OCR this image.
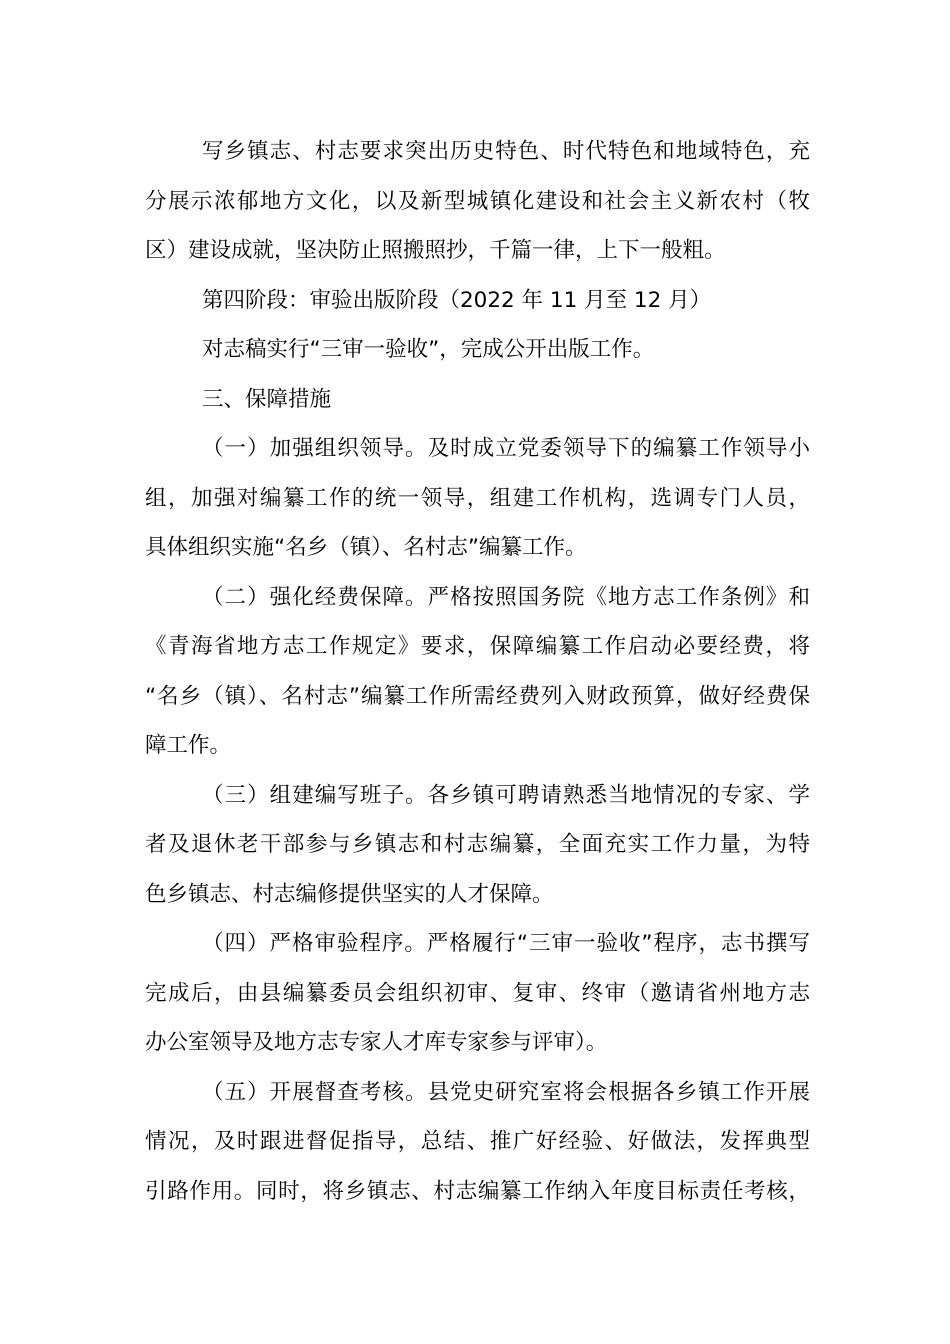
写乡镇志、村志要求突出历史特色、时代特色和地域特色，充
分展示浓郁地方文化，以及新型城镇化建设和社会主义新农村（牧
区）建设成就，坚决防止照搬照抄，千篇一律，上下一般粗。
第四阶段：审验出版阶段（2022 年 11 月至 12 月）
对志稿实行“三审一验收”，完成公开出版工作。
三、保障措施
（一）加强组织领导。及时成立党委领导下的编纂工作领导小
组，加强对编纂工作的统一领导，组建工作机构，选调专门人员，
具体组织实施“名乡（镇）、名村志”编纂工作。
（二）强化经费保障。严格按照国务院《地方志工作条例》和
《青海省地方志工作规定》要求，保障编纂工作启动必要经费，将
“名乡（镇）、名村志”编纂工作所需经费列入财政预算，做好经费保
障工作。
（三）组建编写班子。各乡镇可聘请熟悉当地情况的专家、学
者及退休老干部参与乡镇志和村志编纂，全面充实工作力量，为特
色乡镇志、村志编修提供坚实的人才保障。
（四）严格审验程序。严格履行“三审一验收”程序，志书撰写
完成后，由县编纂委员会组织初审、复审、终审（邀请省州地方志
办公室领导及地方志专家人才库专家参与评审）。
（五）开展督查考核。县党史研究室将会根据各乡镇工作开展
情况，及时跟进督促指导，总结、推广好经验、好做法，发挥典型
引路作用。同时，将乡镇志、村志编纂工作纳入年度目标责任考核，
